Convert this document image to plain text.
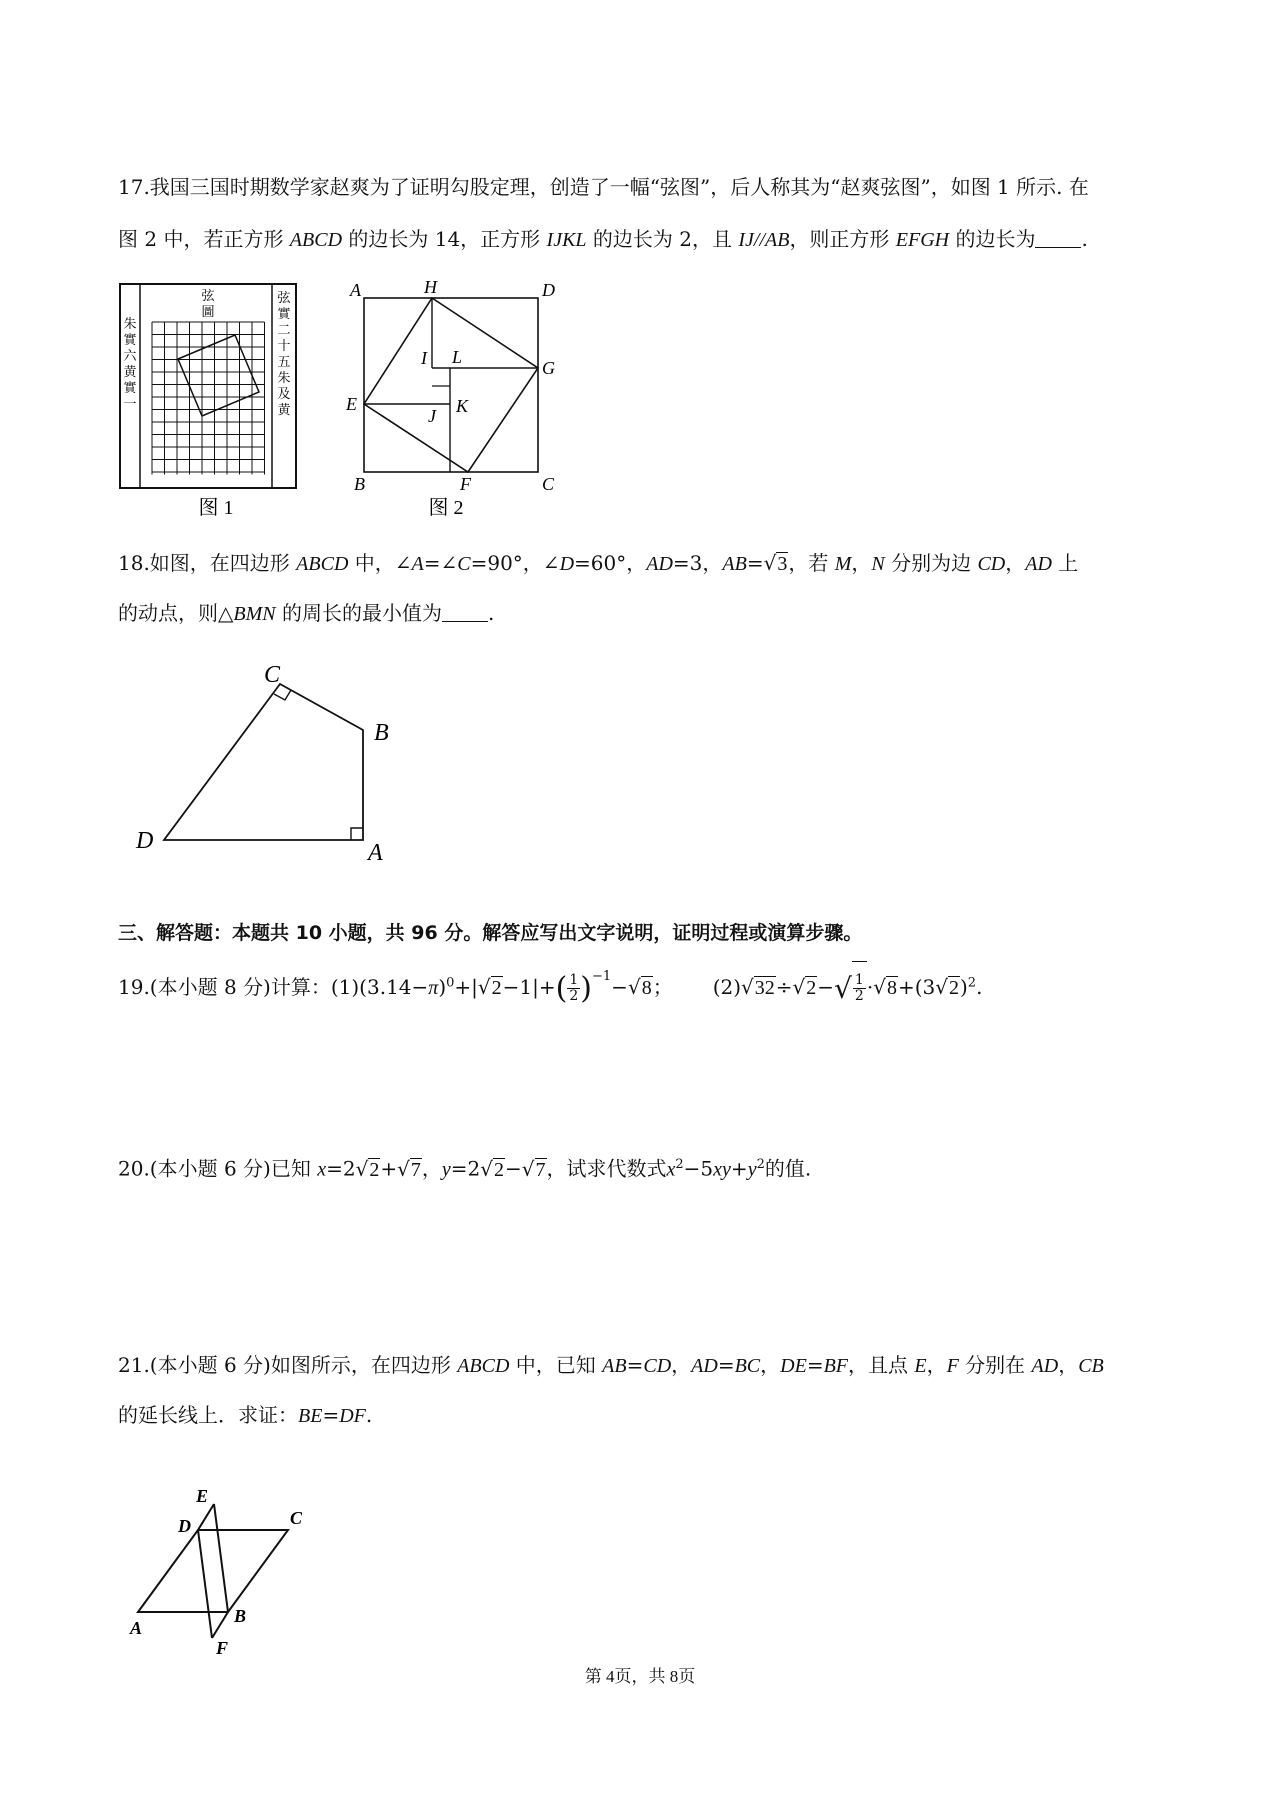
17.我国三国时期数学家赵爽为了证明勾股定理，创造了一幅“弦图”，后人称其为“赵爽弦图”，如图 1 所示. 在
图 2 中，若正方形 ABCD 的边长为 14，正方形 IJKL 的边长为 2，且 IJ//AB，则正方形 EFGH 的边长为 .
弦
圖
朱
實
六
黄
實
一
弦
實
二
十
五
朱
及
黄
图 1
A	H	D
I L
G
E
J K
B	F	C
图 2
18.如图，在四边形 ABCD 中，∠A=∠C=90°，∠D=60°，AD=3，AB=√3，若 M，N 分别为边 CD，AD 上
的动点，则△BMN 的周长的最小值为 .
C
B
D	A
三、解答题：本题共 10 小题，共 96 分。解答应写出文字说明，证明过程或演算步骤。
19.(本小题 8 分)计算：$(1)(3.14-\pi)^0+|√2-1|+( \frac{1}{2} )^{-1}-√8$； $(2)√32\div√2-√ \frac{1}{2} \cdot√8+(3√2)^2$.
20.(本小题 6 分)已知 x=2√2+√7，y=2√2−√7，试求代数式$x^2-5xy+y^2$的值.
21.(本小题 6 分)如图所示，在四边形 ABCD 中，已知 AB=CD，AD=BC，DE=BF，且点 E，F 分别在 AD，CB
的延长线上．求证：BE=DF.
E
D	C
A
B
F
第 4页，共 8页
